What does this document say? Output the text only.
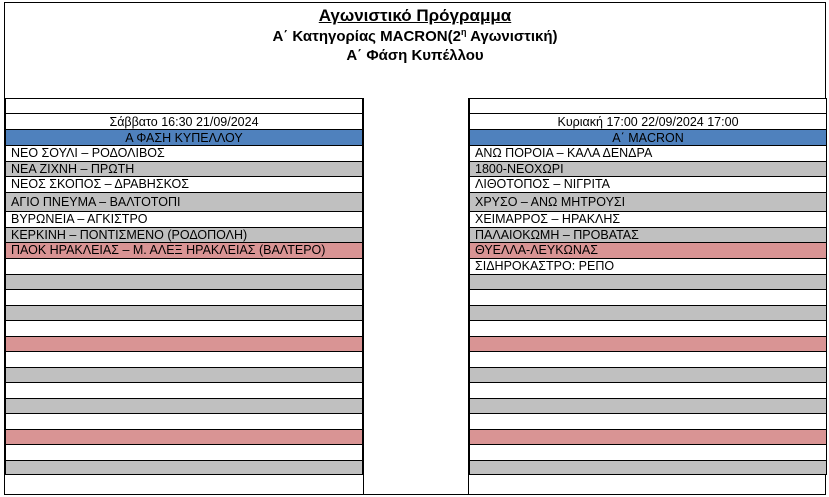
Αγωνιστικό Πρόγραμμα
Α΄ Κατηγορίας $MACRON(2^\eta$ Αγωνιστική)
Α΄ Φάση Κυπέλλου
Σάββατο 16:30 21/09/2024
Α ΦΑΣΗ ΚΥΠΕΛΛΟΥ
ΝΕΟ ΣΟΥΛΙ – ΡΟΔΟΛΙΒΟΣ
ΝΕΑ ΖΙΧΝΗ – ΠΡΩΤΗ
ΝΕΟΣ ΣΚΟΠΟΣ – ΔΡΑΒΗΣΚΟΣ
ΑΓΙΟ ΠΝΕΥΜΑ – ΒΑΛΤΟΤΟΠΙ
ΒΥΡΩΝΕΙΑ – ΑΓΚΙΣΤΡΟ
ΚΕΡΚΙΝΗ – ΠΟΝΤΙΣΜΕΝΟ (ΡΟΔΟΠΟΛΗ)
ΠΑΟΚ ΗΡΑΚΛΕΙΑΣ – Μ. ΑΛΕΞ ΗΡΑΚΛΕΙΑΣ (ΒΑΛΤΕΡΟ)
Κυριακή 17:00 22/09/2024 17:00
Α΄ MACRON
ΑΝΩ ΠΟΡΟΙΑ – ΚΑΛΑ ΔΕΝΔΡΑ
1800-ΝΕΟΧΩΡΙ
ΛΙΘΟΤΟΠΟΣ – ΝΙΓΡΙΤΑ
ΧΡΥΣΟ – ΑΝΩ ΜΗΤΡΟΥΣΙ
ΧΕΙΜΑΡΡΟΣ – ΗΡΑΚΛΗΣ
ΠΑΛΑΙΟΚΩΜΗ – ΠΡΟΒΑΤΑΣ
ΘΥΕΛΛΑ-ΛΕΥΚΩΝΑΣ
ΣΙΔΗΡΟΚΑΣΤΡΟ: ΡΕΠΟ
